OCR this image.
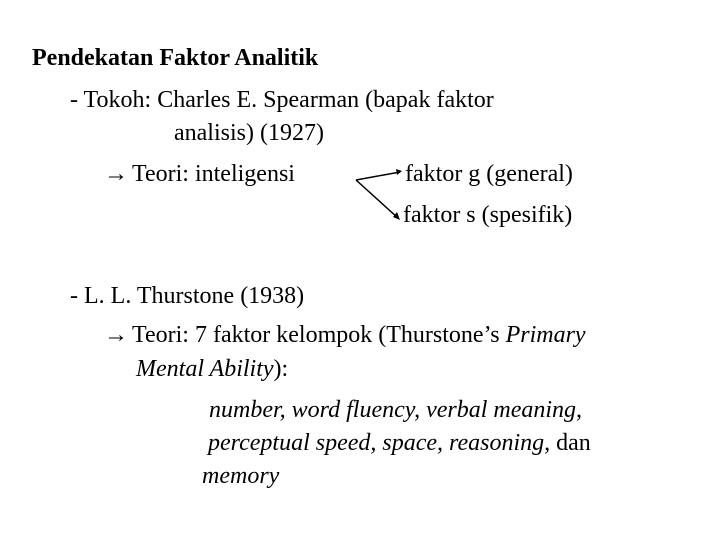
Pendekatan Faktor Analitik
- Tokoh: Charles E. Spearman (bapak faktor
analisis) (1927)
→ Teori: inteligensi	faktor g (general)
faktor s (spesifik)
- L. L. Thurstone (1938)
→ Teori: 7 faktor kelompok (Thurstone’s Primary
Mental Ability):
number, word fluency, verbal meaning,
perceptual speed, space, reasoning, dan
memory
